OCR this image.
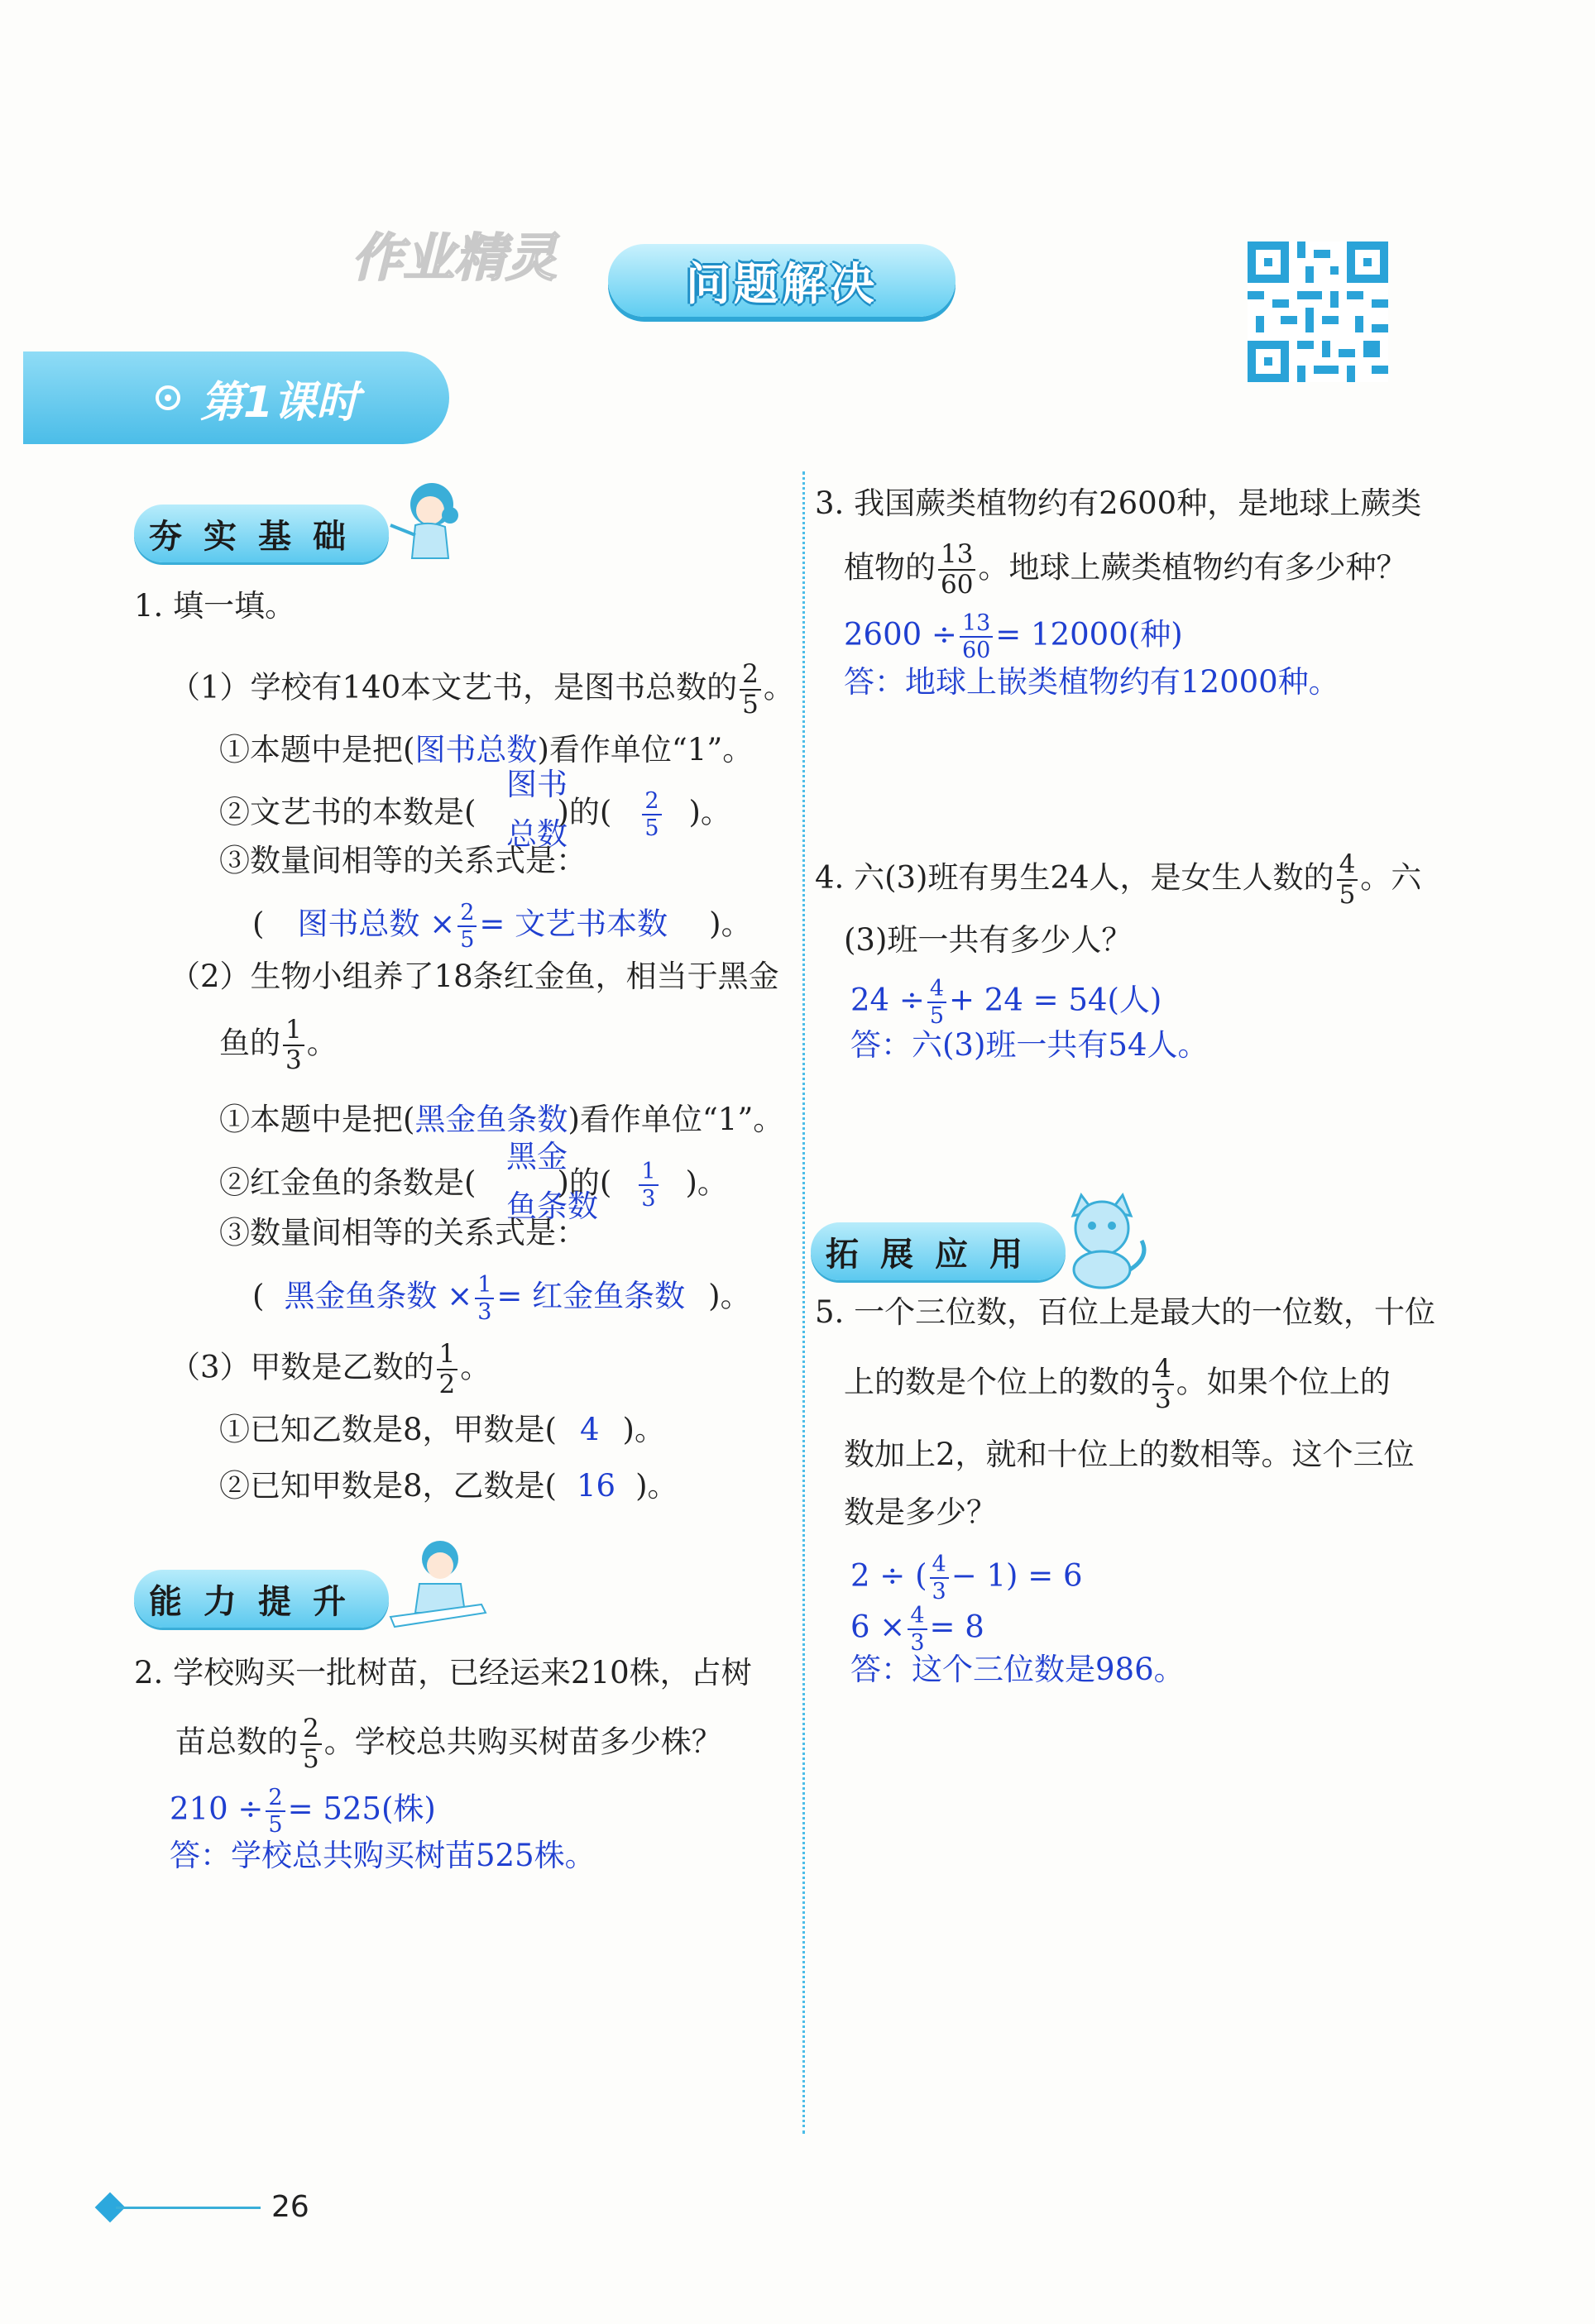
作业精灵	问题解决
第1课时
夯 实 基 础
1. 填一填。
（1）学校有140本文艺书，是图书总数的 $\frac{2}{5}$ 。
①本题中是把(图书总数)看作单位“1”。
②文艺书的本数是(	)的( $\frac{2}{5}$ )。
图书
总数
③数量间相等的关系式是：
( 图书总数 × $\frac{2}{5}$ = 文艺书本数 )。
（2）生物小组养了18条红金鱼，相当于黑金
鱼的 $\frac{1}{3}$ 。
①本题中是把(黑金鱼条数)看作单位“1”。
②红金鱼的条数是(	)的( $\frac{1}{3}$ )。
黑金
鱼条数
③数量间相等的关系式是：
( 黑金鱼条数 × $\frac{1}{3}$ = 红金鱼条数 )。
（3）甲数是乙数的 $\frac{1}{2}$ 。
①已知乙数是8，甲数是( 4 )。
②已知甲数是8，乙数是( 16 )。
能 力 提 升
2. 学校购买一批树苗，已经运来210株，占树
苗总数的 $\frac{2}{5}$ 。学校总共购买树苗多少株？
$210 \div \frac{2}{5} = 525$(株)
答：学校总共购买树苗525株。
3. 我国蕨类植物约有2600种，是地球上蕨类
植物的 $\frac{13}{60}$ 。地球上蕨类植物约有多少种？
$2600 \div \frac{13}{60} = 12000$(种)
答：地球上嵌类植物约有12000种。
4. 六(3)班有男生24人，是女生人数的 $\frac{4}{5}$ 。六
(3)班一共有多少人？
$24 \div \frac{4}{5} + 24 = 54$(人)
答：六(3)班一共有54人。
拓 展 应 用
5. 一个三位数，百位上是最大的一位数，十位
上的数是个位上的数的 $\frac{4}{3}$ 。如果个位上的
数加上2，就和十位上的数相等。这个三位
数是多少？
2 ÷ ( $\frac{4}{3} - 1) = 6$
$6 \times \frac{4}{3} = 8$
答：这个三位数是986。
26
